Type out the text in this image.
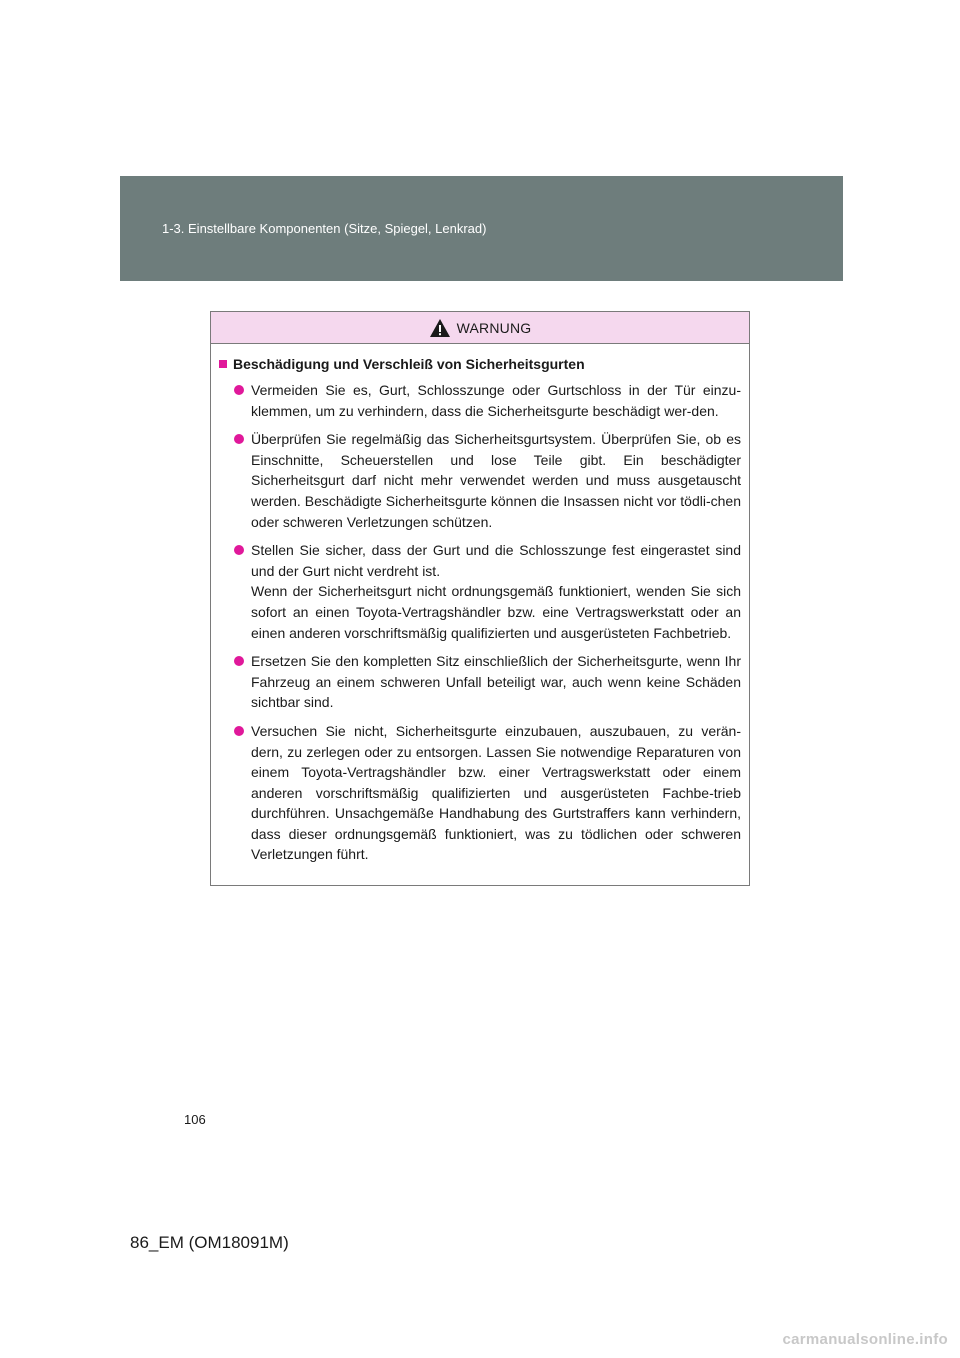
1-3. Einstellbare Komponenten (Sitze, Spiegel, Lenkrad)
WARNUNG
Beschädigung und Verschleiß von Sicherheitsgurten

Vermeiden Sie es, Gurt, Schlosszunge oder Gurtschloss in der Tür einzu-klemmen, um zu verhindern, dass die Sicherheitsgurte beschädigt wer-den.

Überprüfen Sie regelmäßig das Sicherheitsgurtsystem. Überprüfen Sie, ob es Einschnitte, Scheuerstellen und lose Teile gibt. Ein beschädigter Sicherheitsgurt darf nicht mehr verwendet werden und muss ausgetauscht werden. Beschädigte Sicherheitsgurte können die Insassen nicht vor tödli-chen oder schweren Verletzungen schützen.

Stellen Sie sicher, dass der Gurt und die Schlosszunge fest eingerastet sind und der Gurt nicht verdreht ist.
Wenn der Sicherheitsgurt nicht ordnungsgemäß funktioniert, wenden Sie sich sofort an einen Toyota-Vertragshändler bzw. eine Vertragswerkstatt oder an einen anderen vorschriftsmäßig qualifizierten und ausgerüsteten Fachbetrieb.

Ersetzen Sie den kompletten Sitz einschließlich der Sicherheitsgurte, wenn Ihr Fahrzeug an einem schweren Unfall beteiligt war, auch wenn keine Schäden sichtbar sind.

Versuchen Sie nicht, Sicherheitsgurte einzubauen, auszubauen, zu verän-dern, zu zerlegen oder zu entsorgen. Lassen Sie notwendige Reparaturen von einem Toyota-Vertragshändler bzw. einer Vertragswerkstatt oder einem anderen vorschriftsmäßig qualifizierten und ausgerüsteten Fachbe-trieb durchführen. Unsachgemäße Handhabung des Gurtstraffers kann verhindern, dass dieser ordnungsgemäß funktioniert, was zu tödlichen oder schweren Verletzungen führt.

106
86_EM (OM18091M)
carmanualsonline.info
